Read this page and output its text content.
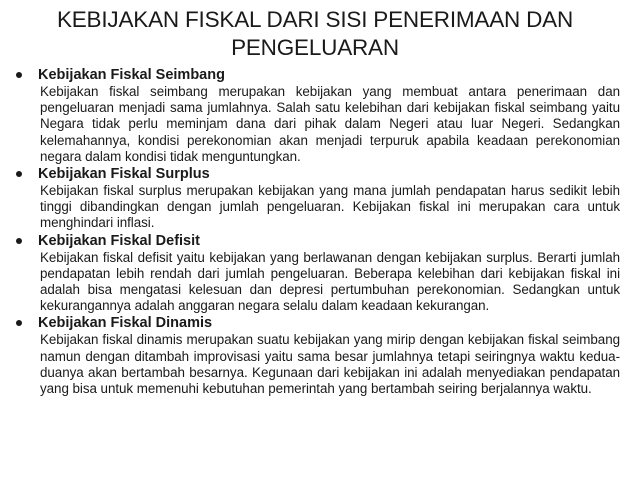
KEBIJAKAN FISKAL DARI SISI PENERIMAAN DAN
PENGELUARAN

Kebijakan Fiskal Seimbang

Kebijakan fiskal seimbang merupakan kebijakan yang membuat antara penerimaan dan pengeluaran menjadi sama jumlahnya. Salah satu kelebihan dari kebijakan fiskal seimbang yaitu Negara tidak perlu meminjam dana dari pihak dalam Negeri atau luar Negeri. Sedangkan kelemahannya, kondisi perekonomian akan menjadi terpuruk apabila keadaan perekonomian negara dalam kondisi tidak menguntungkan.

Kebijakan Fiskal Surplus

Kebijakan fiskal surplus merupakan kebijakan yang mana jumlah pendapatan harus sedikit lebih tinggi dibandingkan dengan jumlah pengeluaran. Kebijakan fiskal ini merupakan cara untuk menghindari inflasi.

Kebijakan Fiskal Defisit

Kebijakan fiskal defisit yaitu kebijakan yang berlawanan dengan kebijakan surplus. Berarti jumlah pendapatan lebih rendah dari jumlah pengeluaran. Beberapa kelebihan dari kebijakan fiskal ini adalah bisa mengatasi kelesuan dan depresi pertumbuhan perekonomian. Sedangkan untuk kekurangannya adalah anggaran negara selalu dalam keadaan kekurangan.

Kebijakan Fiskal Dinamis

Kebijakan fiskal dinamis merupakan suatu kebijakan yang mirip dengan kebijakan fiskal seimbang namun dengan ditambah improvisasi yaitu sama besar jumlahnya tetapi seiringnya waktu kedua-duanya akan bertambah besarnya. Kegunaan dari kebijakan ini adalah menyediakan pendapatan yang bisa untuk memenuhi kebutuhan pemerintah yang bertambah seiring berjalannya waktu.
